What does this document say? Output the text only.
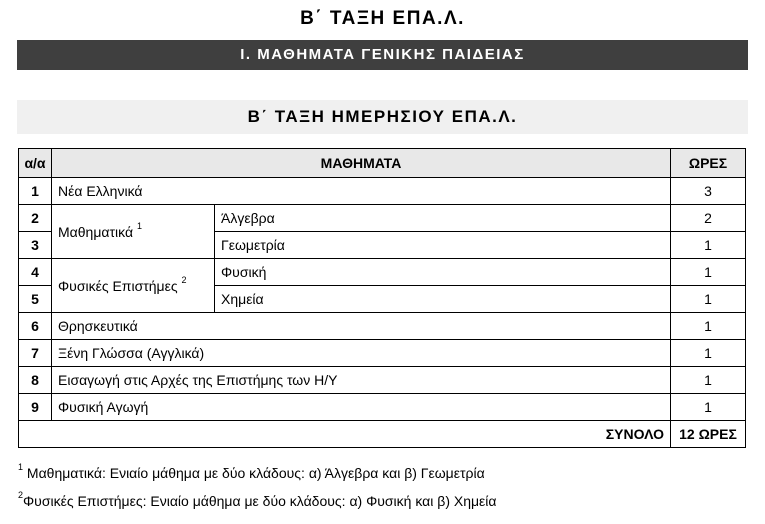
Β΄ ΤΑΞΗ ΕΠΑ.Λ.
Ι. ΜΑΘΗΜΑΤΑ ΓΕΝΙΚΗΣ ΠΑΙΔΕΙΑΣ
Β΄ ΤΑΞΗ ΗΜΕΡΗΣΙΟΥ ΕΠΑ.Λ.
α/α	ΜΑΘΗΜΑΤΑ		ΩΡΕΣ
1	Νέα Ελληνικά		3
2	Μαθηματικά $^1$	Άλγεβρα	2
3		Γεωμετρία	1
4	Φυσικές Επιστήμες $^2$	Φυσική	1
5		Χημεία	1
6	Θρησκευτικά		1
7	Ξένη Γλώσσα (Αγγλικά)		1
8	Εισαγωγή στις Αρχές της Επιστήμης των Η/Υ		1
9	Φυσική Αγωγή		1
ΣΥΝΟΛΟ			12 ΩΡΕΣ
$^1$ Μαθηματικά: Ενιαίο μάθημα με δύο κλάδους: α) Άλγεβρα και β) Γεωμετρία
$^2$Φυσικές Επιστήμες: Ενιαίο μάθημα με δύο κλάδους: α) Φυσική και β) Χημεία
